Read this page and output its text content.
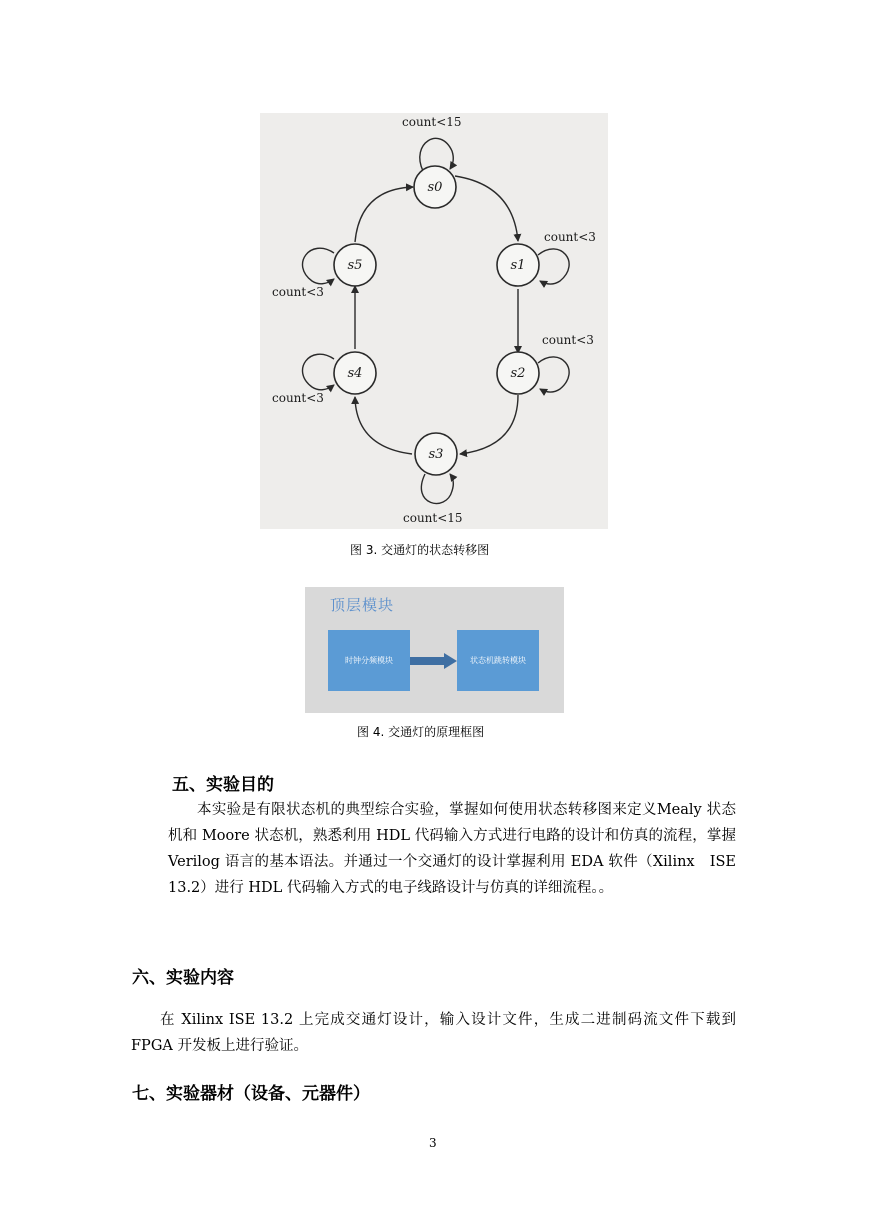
s0
s1
s2
s3
s4
s5
count<15
count<3
count<3
count<15
count<3
count<3
图 3. 交通灯的状态转移图
顶层模块
时钟分频模块	状态机跳转模块
图 4. 交通灯的原理框图
五、实验目的

本实验是有限状态机的典型综合实验，掌握如何使用状态转移图来定义Mealy 状态机和 Moore 状态机，熟悉利用 HDL 代码输入方式进行电路的设计和仿真的流程，掌握 Verilog 语言的基本语法。并通过一个交通灯的设计掌握利用 EDA 软件（Xilinx　ISE 13.2）进行 HDL 代码输入方式的电子线路设计与仿真的详细流程。。

六、实验内容

在 Xilinx ISE 13.2 上完成交通灯设计，输入设计文件，生成二进制码流文件下载到 FPGA 开发板上进行验证。

七、实验器材（设备、元器件）
3
